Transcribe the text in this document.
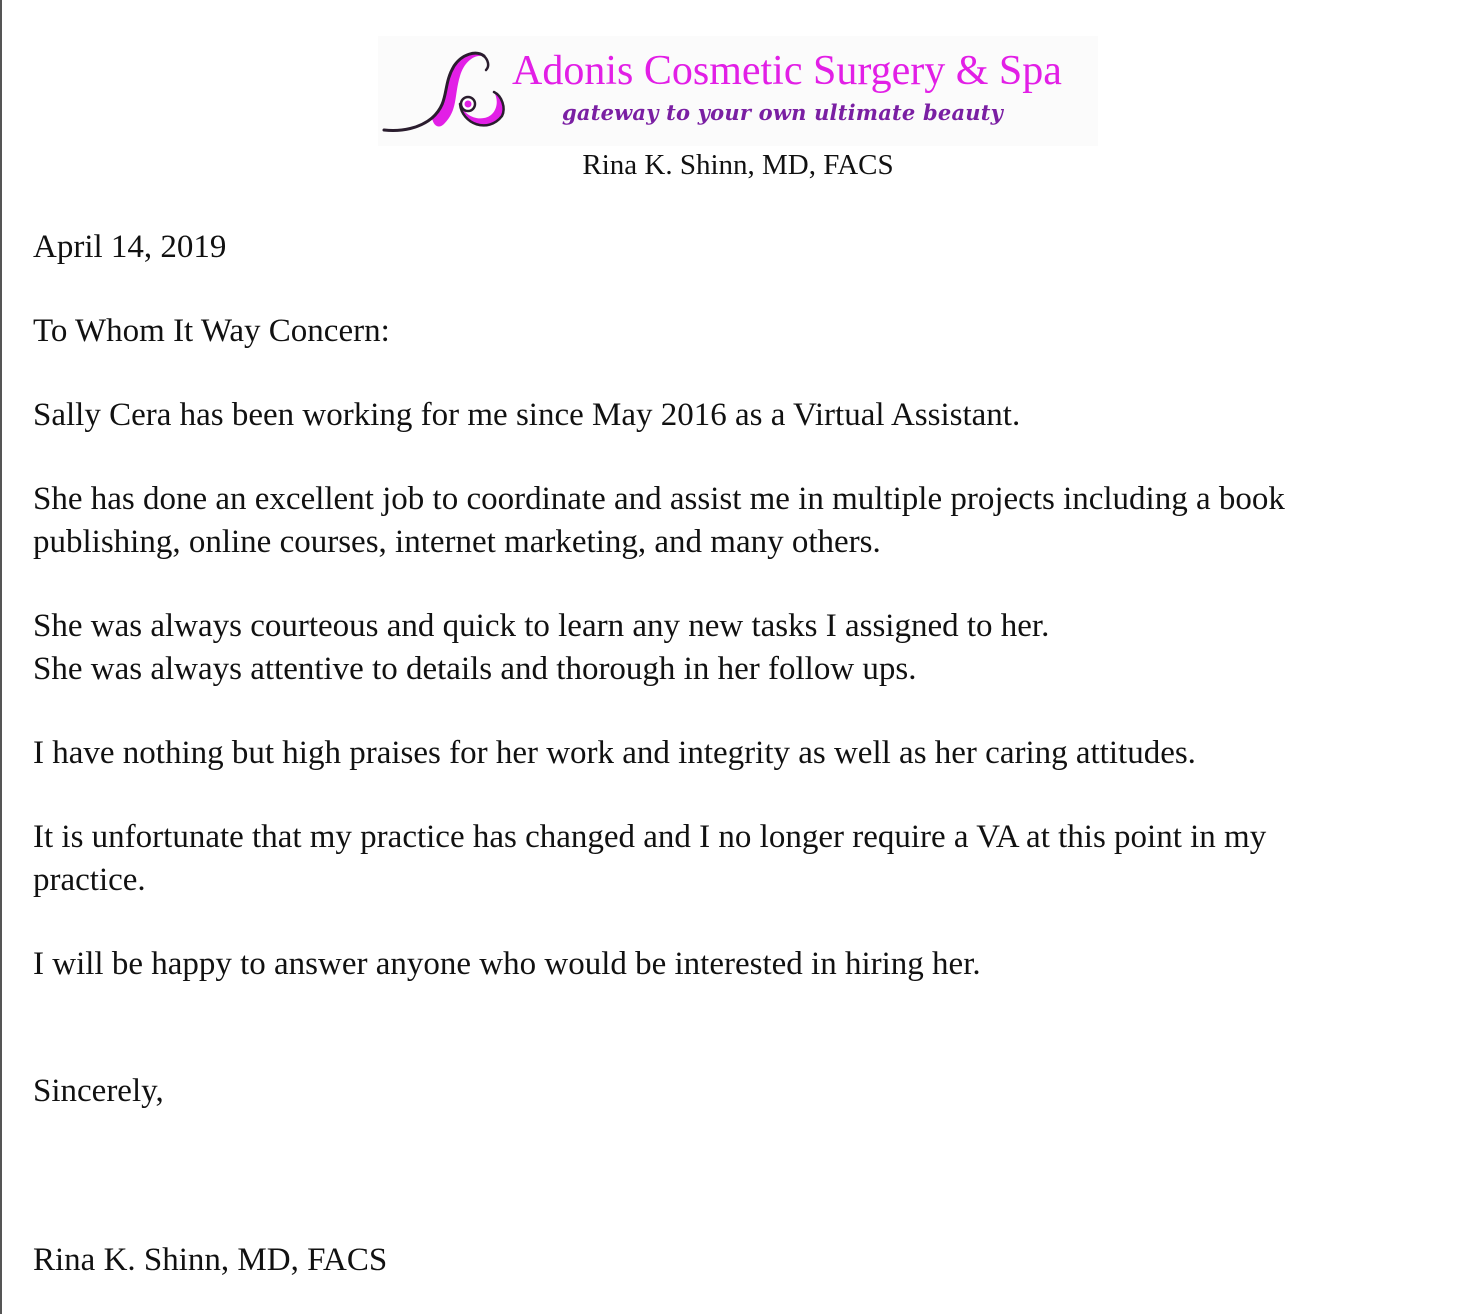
Adonis Cosmetic Surgery & Spa
gateway to your own ultimate beauty
Rina K. Shinn, MD, FACS

April 14, 2019

To Whom It Way Concern:

Sally Cera has been working for me since May 2016 as a Virtual Assistant.

She has done an excellent job to coordinate and assist me in multiple projects including a book
publishing, online courses, internet marketing, and many others.

She was always courteous and quick to learn any new tasks I assigned to her.
She was always attentive to details and thorough in her follow ups.

I have nothing but high praises for her work and integrity as well as her caring attitudes.

It is unfortunate that my practice has changed and I no longer require a VA at this point in my
practice.

I will be happy to answer anyone who would be interested in hiring her.

Sincerely,

Rina K. Shinn, MD, FACS
